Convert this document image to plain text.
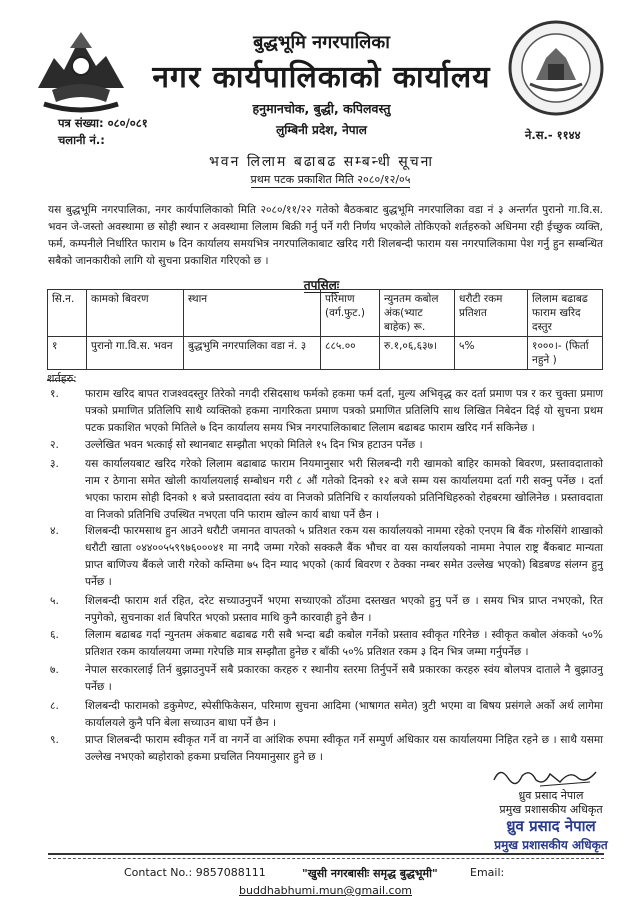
बुद्धभूमि नगरपालिका
नगर कार्यपालिकाको कार्यालय
हनुमानचोक, बुद्धी, कपिलवस्तु
लुम्बिनी प्रदेश, नेपाल
पत्र संख्या: ०८०/०८१
चलानी नं.:	ने.स.- ११४४
भवन लिलाम बढाबढ सम्बन्धी सूचना
प्रथम पटक प्रकाशित मिति २०८०/१२/०५
यस बुद्धभूमि नगरपालिका, नगर कार्यपालिकाको मिति २०८०/११/२२ गतेको बैठकबाट बुद्धभूमि नगरपालिका वडा नं ३ अन्तर्गत पुरानो गा.वि.स. भवन जे-जस्तो अवस्थामा छ सोही स्थान र अवस्थामा लिलाम बिक्री गर्नु पर्ने गरी निर्णय भएकोले तोकिएको शर्तहरुको अधिनमा रही ईच्छुक व्यक्ति, फर्म, कम्पनीले निर्धारित फाराम ७ दिन कार्यालय समयभित्र नगरपालिकाबाट खरिद गरी शिलबन्दी फाराम यस नगरपालिकामा पेश गर्नु हुन सम्बन्धित सबैको जानकारीको लागि यो सुचना प्रकाशित गरिएको छ ।
तपसिलः
सि.न.	कामको बिवरण	स्थान	परिमाण (वर्ग.फुट.)	न्युनतम कबोल अंक(भ्याट बाहेक) रू.	धरौटी रकम प्रतिशत	लिलाम बढाबढ फाराम खरिद दस्तुर
१	पुरानो गा.वि.स. भवन	बुद्धभुमि नगरपालिका वडा नं. ३	८८५.००	रु.१,०६,६३७।	५%	१०००।- (फिर्ता नहुने )
शर्तहरु:
१. फाराम खरिद बापत राजश्वदस्तुर तिरेको नगदी रसिदसाथ फर्मको हकमा फर्म दर्ता, मुल्य अभिवृद्ध कर दर्ता प्रमाण पत्र र कर चुक्ता प्रमाण पत्रको प्रमाणित प्रतिलिपि साथै व्यक्तिको हकमा नागरिकता प्रमाण पत्रको प्रमाणित प्रतिलिपि साथ लिखित निबेदन दिई यो सुचना प्रथम पटक प्रकाशित भएको मितिले ७ दिन कार्यालय समय भित्र नगरपालिकाबाट लिलाम बढाबढ फाराम खरिद गर्न सकिनेछ ।
२. उल्लेखित भवन भत्काई सो स्थानबाट सम्झौता भएको मितिले १५ दिन भित्र हटाउन पर्नेछ ।
३. यस कार्यालयबाट खरिद गरेको लिलाम बढाबाढ फाराम नियमानुसार भरी सिलबन्दी गरी खामको बाहिर कामको बिवरण, प्रस्तावदाताको नाम र ठेगाना समेत खोली कार्यालयलाई सम्बोधन गरी ८ औं गतेको दिनको १२ बजे सम्म यस कार्यालयमा दर्ता गरी सक्नु पर्नेछ । दर्ता भएका फाराम सोही दिनको १ बजे प्रस्तावदाता स्वंय वा निजको प्रतिनिधि र कार्यालयको प्रतिनिधिहरुको रोहबरमा खोलिनेछ । प्रस्तावदाता वा निजको प्रतिनिधि उपस्थित नभएता पनि फाराम खोल्न कार्य बाधा पर्ने छैन ।
४. शिलबन्दी फारमसाथ हुन आउने धरौटी जमानत वापतको ५ प्रतिशत रकम यस कार्यालयको नाममा रहेको एनएम बि बैंक गोरुसिंगे शाखाको धरौटी खाता ०४४००५५९९७६०००४१ मा नगदै जम्मा गरेको सक्कलै बैंक भौचर वा यस कार्यालयको नाममा नेपाल राष्ट्र बैंकबाट मान्यता प्राप्त बाणिज्य बैंकले जारी गरेको कम्तिमा ७५ दिन म्याद भएको (कार्य बिवरण र ठेक्का नम्बर समेत उल्लेख भएको) बिडबण्ड संलग्न हुनु पर्नेछ ।
५. शिलबन्दी फाराम शर्त रहित, दरेट सच्याउनुपर्ने भएमा सच्याएको ठाँउमा दस्तखत भएको हुनु पर्ने छ । समय भित्र प्राप्त नभएको, रित नपुगेको, सुचनाका शर्त बिपरित भएको प्रस्ताव माथि कुनै कारवाही हुने छैन ।
६. लिलाम बढाबढ गर्दा न्युनतम अंकबाट बढाबढ गरी सबै भन्दा बढी कबोल गर्नेको प्रस्ताव स्वीकृत गरिनेछ । स्वीकृत कबोल अंकको ५०% प्रतिशत रकम कार्यालयमा जम्मा गरेपछि मात्र सम्झौता हुनेछ र बाँकी ५०% प्रतिशत रकम ३ दिन भित्र जम्मा गर्नुपर्नेछ ।
७. नेपाल सरकारलाई तिर्न बुझाउनुपर्ने सबै प्रकारका करहरु र स्थानीय स्तरमा तिर्नुपर्ने सबै प्रकारका करहरु स्वंय बोलपत्र दाताले नै बुझाउनु पर्नेछ ।
८. शिलबन्दी फारामको डकुमेण्ट, स्पेसीफिकेसन, परिमाण सुचना आदिमा (भाषागत समेत) त्रुटी भएमा वा बिषय प्रसंगले अर्को अर्थ लागेमा कार्यालयले कुनै पनि बेला सच्याउन बाधा पर्ने छैन ।
९. प्राप्त शिलबन्दी फाराम स्वीकृत गर्ने वा नगर्ने वा आंशिक रुपमा स्वीकृत गर्ने सम्पुर्ण अधिकार यस कार्यालयमा निहित रहने छ । साथै यसमा उल्लेख नभएको ब्यहोराको हकमा प्रचलित नियमानुसार हुने छ ।
ध्रुव प्रसाद नेपाल
प्रमुख प्रशासकीय अधिकृत
ध्रुव प्रसाद नेपाल
प्रमुख प्रशासकीय अधिकृत
Contact No.: 9857088111	"खुसी नगरबासीः समृद्ध बुद्धभूमी"	Email:
buddhabhumi.mun@gmail.com
